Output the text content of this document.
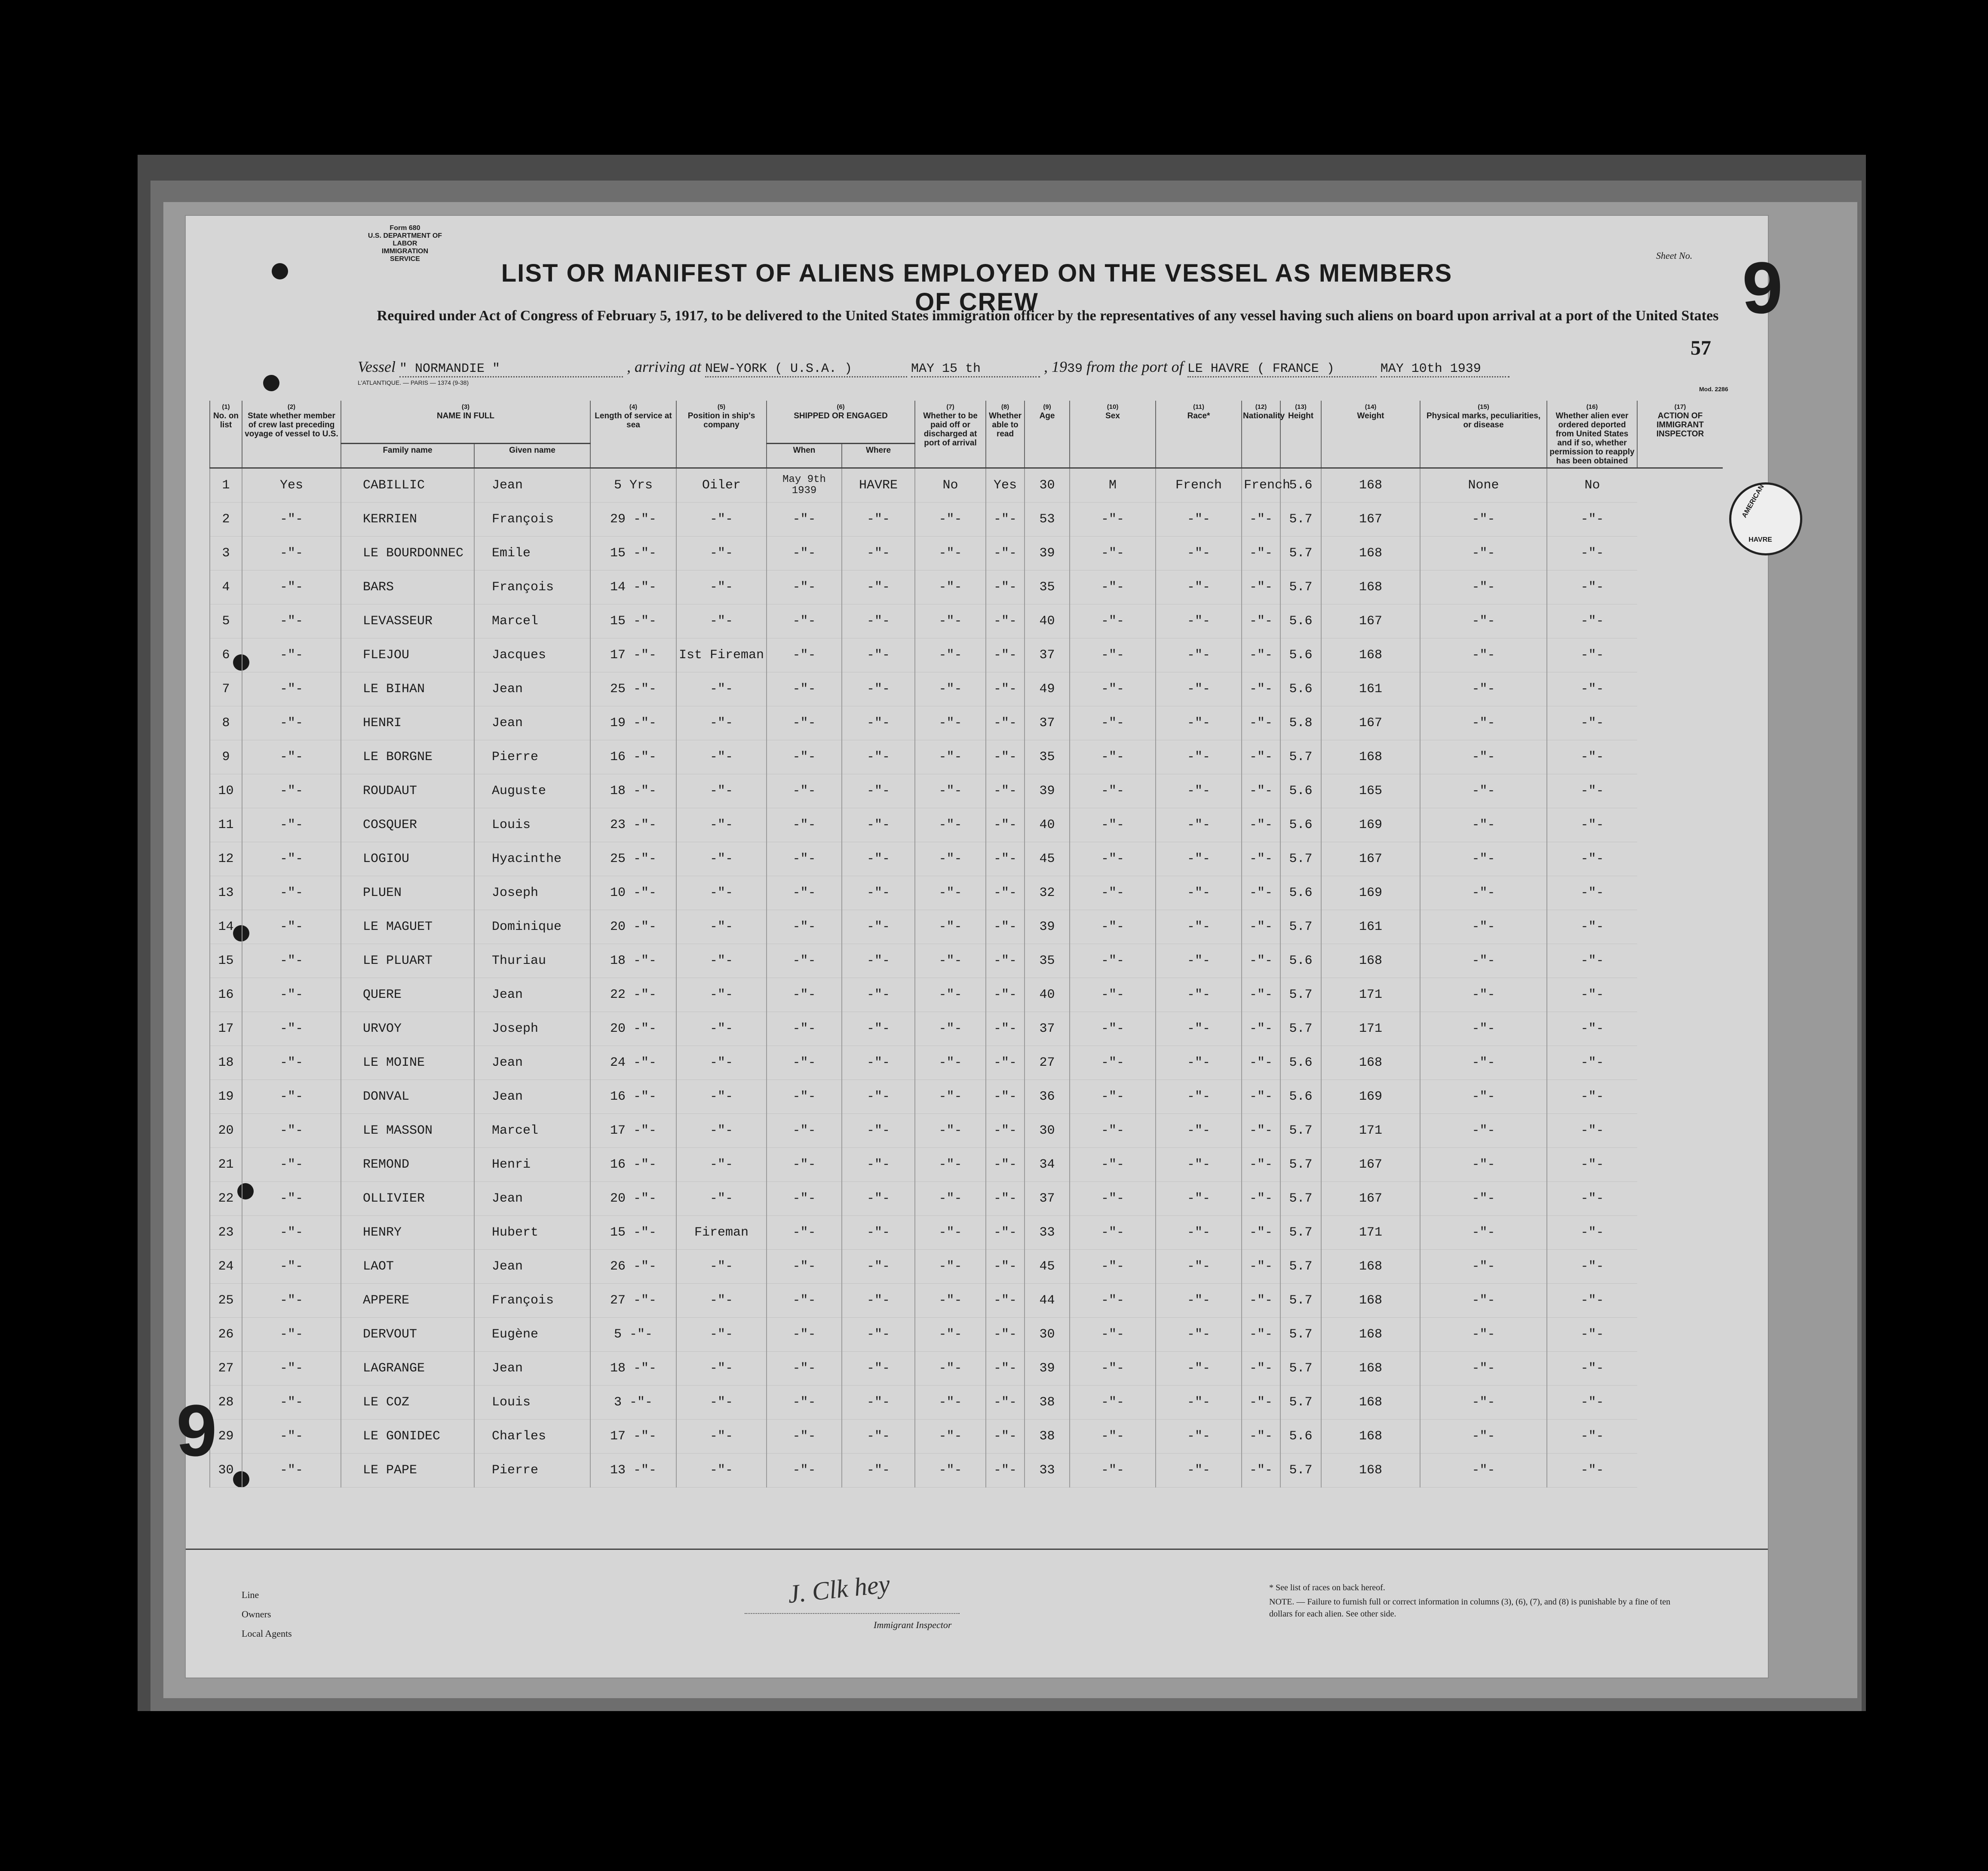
Form 680
U.S. DEPARTMENT OF LABOR
IMMIGRATION SERVICE
LIST OR MANIFEST OF ALIENS EMPLOYED ON THE VESSEL AS MEMBERS OF CREW
Sheet No. 9
Required under Act of Congress of February 5, 1917, to be delivered to the United States immigration officer by the representatives of any vessel having such aliens on board upon arrival at a port of the United States
57
Vessel " NORMANDIE "	, arriving at NEW-YORK ( U.S.A. )	MAY 15 th	, 1939 from the port of LE HAVRE ( FRANCE )	MAY 10th 1939
L'ATLANTIQUE. — PARIS — 1374 (9-38)
Mod. 2286
(1)
No. on list	(2)
State whether member of crew last preceding voyage of vessel to U.S.	(3)
NAME IN FULL		(4)
Length of service at sea	(5)
Position in ship's company	(6)
SHIPPED OR ENGAGED		(7)
Whether to be paid off or discharged at port of arrival	(8)
Whether able to read	(9)
Age	(10)
Sex	(11)
Race*	(12)
Nationality	(13)
Height	(14)
Weight	(15)
Physical marks, peculiarities, or disease	(16)
Whether alien ever ordered deported from United States and if so, whether permission to reapply has been obtained	(17)
ACTION OF IMMIGRANT INSPECTOR
		Family name	Given name			When	Where											
1	Yes	CABILLIC	Jean	5 Yrs	Oiler	May 9th 1939	HAVRE	No	Yes	30	M	French	French	5.6	168	None	No	
2	-"-	KERRIEN	François	29 -"-	-"-	-"-	-"-	-"-	-"-	53	-"-	-"-	-"-	5.7	167	-"-	-"-	
3	-"-	LE BOURDONNEC	Emile	15 -"-	-"-	-"-	-"-	-"-	-"-	39	-"-	-"-	-"-	5.7	168	-"-	-"-	
4	-"-	BARS	François	14 -"-	-"-	-"-	-"-	-"-	-"-	35	-"-	-"-	-"-	5.7	168	-"-	-"-	
5	-"-	LEVASSEUR	Marcel	15 -"-	-"-	-"-	-"-	-"-	-"-	40	-"-	-"-	-"-	5.6	167	-"-	-"-	
6	-"-	FLEJOU	Jacques	17 -"-	Ist Fireman	-"-	-"-	-"-	-"-	37	-"-	-"-	-"-	5.6	168	-"-	-"-	
7	-"-	LE BIHAN	Jean	25 -"-	-"-	-"-	-"-	-"-	-"-	49	-"-	-"-	-"-	5.6	161	-"-	-"-	
8	-"-	HENRI	Jean	19 -"-	-"-	-"-	-"-	-"-	-"-	37	-"-	-"-	-"-	5.8	167	-"-	-"-	
9	-"-	LE BORGNE	Pierre	16 -"-	-"-	-"-	-"-	-"-	-"-	35	-"-	-"-	-"-	5.7	168	-"-	-"-	
10	-"-	ROUDAUT	Auguste	18 -"-	-"-	-"-	-"-	-"-	-"-	39	-"-	-"-	-"-	5.6	165	-"-	-"-	
11	-"-	COSQUER	Louis	23 -"-	-"-	-"-	-"-	-"-	-"-	40	-"-	-"-	-"-	5.6	169	-"-	-"-	
12	-"-	LOGIOU	Hyacinthe	25 -"-	-"-	-"-	-"-	-"-	-"-	45	-"-	-"-	-"-	5.7	167	-"-	-"-	
13	-"-	PLUEN	Joseph	10 -"-	-"-	-"-	-"-	-"-	-"-	32	-"-	-"-	-"-	5.6	169	-"-	-"-	
14	-"-	LE MAGUET	Dominique	20 -"-	-"-	-"-	-"-	-"-	-"-	39	-"-	-"-	-"-	5.7	161	-"-	-"-	
15	-"-	LE PLUART	Thuriau	18 -"-	-"-	-"-	-"-	-"-	-"-	35	-"-	-"-	-"-	5.6	168	-"-	-"-	
16	-"-	QUERE	Jean	22 -"-	-"-	-"-	-"-	-"-	-"-	40	-"-	-"-	-"-	5.7	171	-"-	-"-	
17	-"-	URVOY	Joseph	20 -"-	-"-	-"-	-"-	-"-	-"-	37	-"-	-"-	-"-	5.7	171	-"-	-"-	
18	-"-	LE MOINE	Jean	24 -"-	-"-	-"-	-"-	-"-	-"-	27	-"-	-"-	-"-	5.6	168	-"-	-"-	
19	-"-	DONVAL	Jean	16 -"-	-"-	-"-	-"-	-"-	-"-	36	-"-	-"-	-"-	5.6	169	-"-	-"-	
20	-"-	LE MASSON	Marcel	17 -"-	-"-	-"-	-"-	-"-	-"-	30	-"-	-"-	-"-	5.7	171	-"-	-"-	
21	-"-	REMOND	Henri	16 -"-	-"-	-"-	-"-	-"-	-"-	34	-"-	-"-	-"-	5.7	167	-"-	-"-	
22	-"-	OLLIVIER	Jean	20 -"-	-"-	-"-	-"-	-"-	-"-	37	-"-	-"-	-"-	5.7	167	-"-	-"-	
23	-"-	HENRY	Hubert	15 -"-	Fireman	-"-	-"-	-"-	-"-	33	-"-	-"-	-"-	5.7	171	-"-	-"-	
24	-"-	LAOT	Jean	26 -"-	-"-	-"-	-"-	-"-	-"-	45	-"-	-"-	-"-	5.7	168	-"-	-"-	
25	-"-	APPERE	François	27 -"-	-"-	-"-	-"-	-"-	-"-	44	-"-	-"-	-"-	5.7	168	-"-	-"-	
26	-"-	DERVOUT	Eugène	5 -"-	-"-	-"-	-"-	-"-	-"-	30	-"-	-"-	-"-	5.7	168	-"-	-"-	
27	-"-	LAGRANGE	Jean	18 -"-	-"-	-"-	-"-	-"-	-"-	39	-"-	-"-	-"-	5.7	168	-"-	-"-	
28	-"-	LE COZ	Louis	3 -"-	-"-	-"-	-"-	-"-	-"-	38	-"-	-"-	-"-	5.7	168	-"-	-"-	
29	-"-	LE GONIDEC	Charles	17 -"-	-"-	-"-	-"-	-"-	-"-	38	-"-	-"-	-"-	5.6	168	-"-	-"-	
30	-"-	LE PAPE	Pierre	13 -"-	-"-	-"-	-"-	-"-	-"-	33	-"-	-"-	-"-	5.7	168	-"-	-"-	
AMERICAN
HAVRE
Line
Owners
Local Agents
J. Clk hey
Immigrant Inspector
* See list of races on back hereof.
NOTE. — Failure to furnish full or correct information in columns (3), (6), (7), and (8) is punishable by a fine of ten dollars for each alien. See other side.
9
